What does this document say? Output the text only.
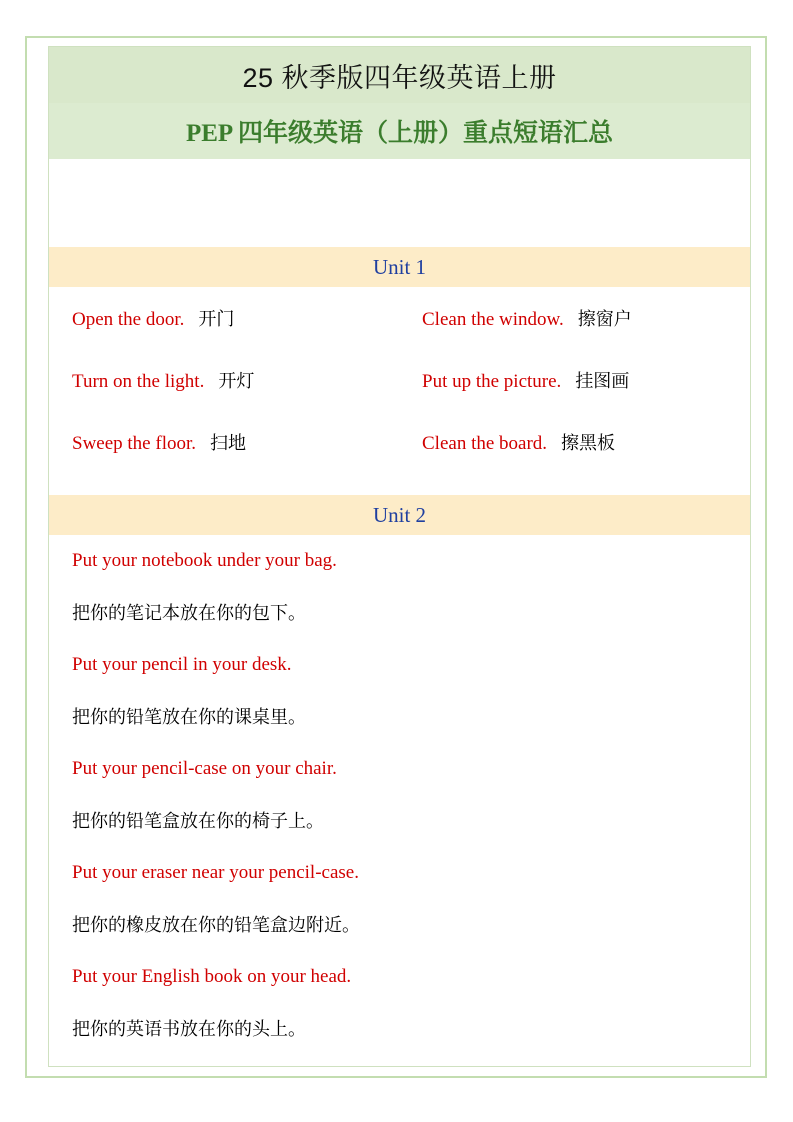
25 秋季版四年级英语上册
PEP 四年级英语（上册）重点短语汇总
Unit 1
Open the door. 开门	Clean the window. 擦窗户
Turn on the light. 开灯	Put up the picture. 挂图画
Sweep the floor. 扫地	Clean the board. 擦黑板
Unit 2
Put your notebook under your bag.
把你的笔记本放在你的包下。
Put your pencil in your desk.
把你的铅笔放在你的课桌里。
Put your pencil-case on your chair.
把你的铅笔盒放在你的椅子上。
Put your eraser near your pencil-case.
把你的橡皮放在你的铅笔盒边附近。
Put your English book on your head.
把你的英语书放在你的头上。
